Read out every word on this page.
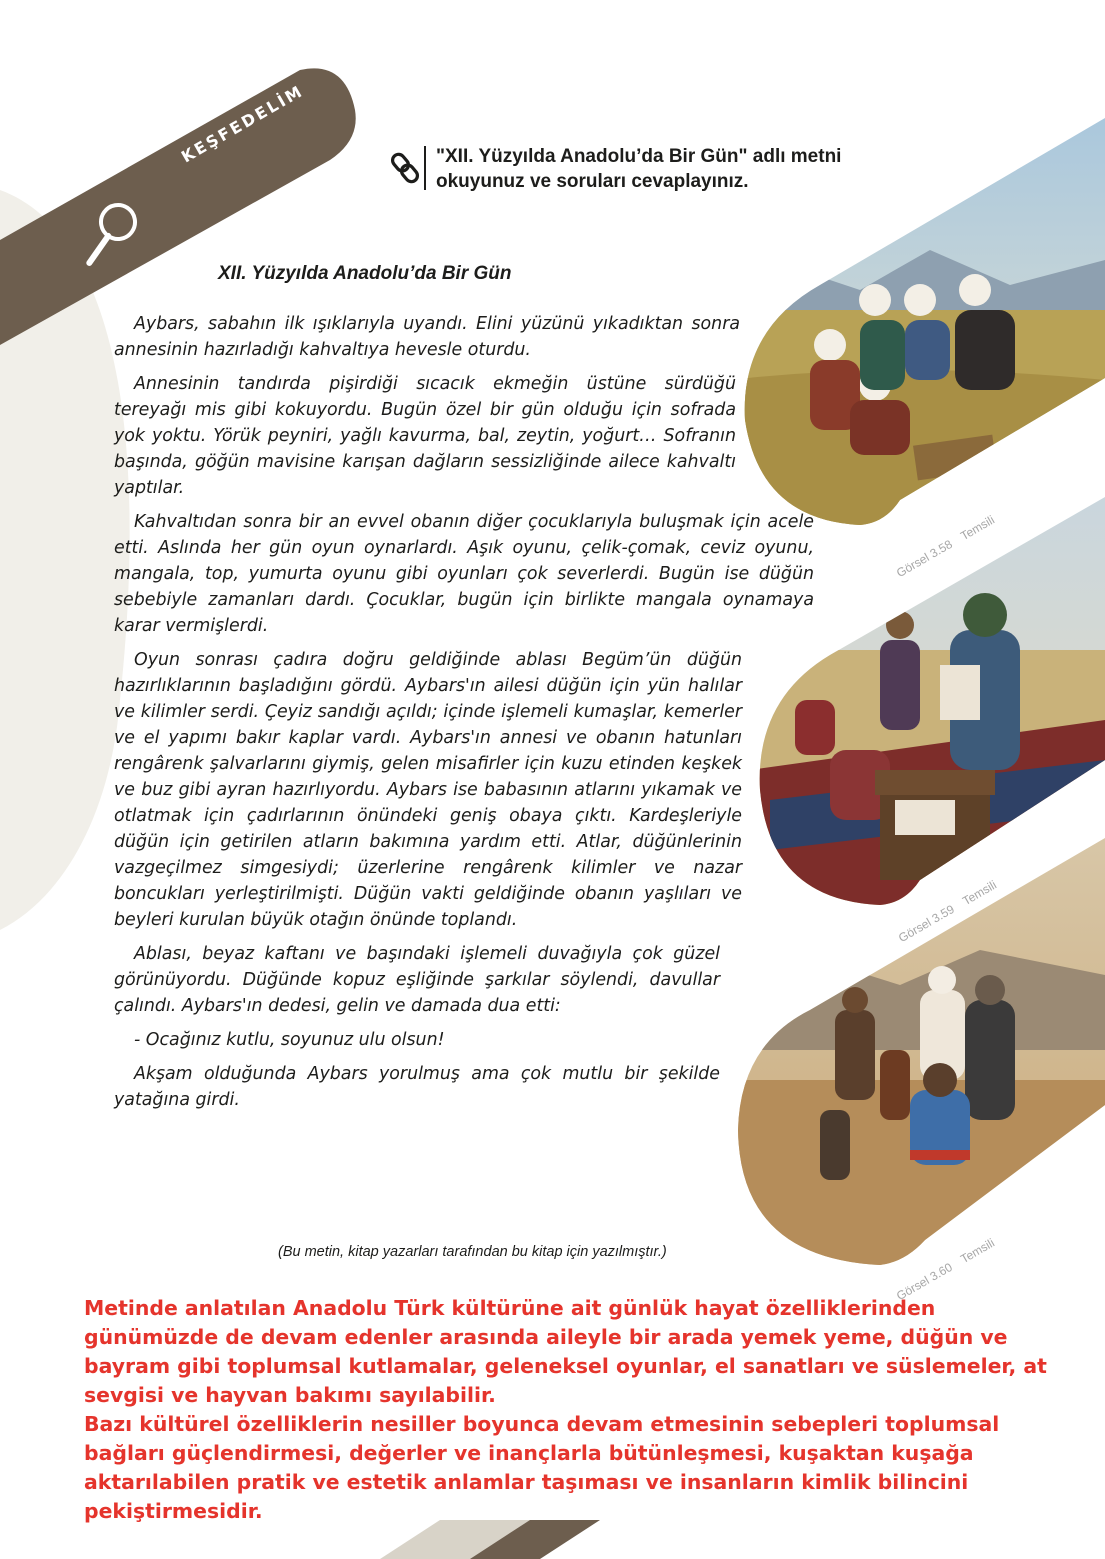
KEŞFEDELİM	"XII. Yüzyılda Anadolu’da Bir Gün" adlı metni
okuyunuz ve soruları cevaplayınız.
XII. Yüzyılda Anadolu’da Bir Gün

Aybars, sabahın ilk ışıklarıyla uyandı. Elini yüzünü yıkadıktan sonra annesinin hazırladığı kahvaltıya hevesle oturdu.

Annesinin tandırda pişirdiği sıcacık ekmeğin üstüne sürdüğü tereyağı mis gibi kokuyordu. Bugün özel bir gün olduğu için sofrada yok yoktu. Yörük peyniri, yağlı kavurma, bal, zeytin, yoğurt… Sofranın başında, göğün mavisine karışan dağların sessizliğinde ailece kahvaltı yaptılar.

Kahvaltıdan sonra bir an evvel obanın diğer çocuklarıyla buluşmak için acele etti. Aslında her gün oyun oynarlardı. Aşık oyunu, çelik-çomak, ceviz oyunu, mangala, top, yumurta oyunu gibi oyunları çok severlerdi. Bugün ise düğün sebebiyle zamanları dardı. Çocuklar, bugün için birlikte mangala oynamaya karar vermişlerdi.

Oyun sonrası çadıra doğru geldiğinde ablası Begüm’ün düğün hazırlıklarının başladığını gördü. Aybars'ın ailesi düğün için yün halılar ve kilimler serdi. Çeyiz sandığı açıldı; içinde işlemeli kumaşlar, kemerler ve el yapımı bakır kaplar vardı. Aybars'ın annesi ve obanın hatunları rengârenk şalvarlarını giymiş, gelen misafirler için kuzu etinden keşkek ve buz gibi ayran hazırlıyordu. Aybars ise babasının atlarını yıkamak ve otlatmak için çadırlarının önündeki geniş obaya çıktı. Kardeşleriyle düğün için getirilen atların bakımına yardım etti. Atlar, düğünlerinin vazgeçilmez simgesiydi; üzerlerine rengârenk kilimler ve nazar boncukları yerleştirilmişti. Düğün vakti geldiğinde obanın yaşlıları ve beyleri kurulan büyük otağın önünde toplandı.

Ablası, beyaz kaftanı ve başındaki işlemeli duvağıyla çok güzel görünüyordu. Düğünde kopuz eşliğinde şarkılar söylendi, davullar çalındı. Aybars'ın dedesi, gelin ve damada dua etti:

- Ocağınız kutlu, soyunuz ulu olsun!

Akşam olduğunda Aybars yorulmuş ama çok mutlu bir şekilde yatağına girdi.

(Bu metin, kitap yazarları tarafından bu kitap için yazılmıştır.)
Görsel 3.58Temsili
Görsel 3.59Temsili
Görsel 3.60Temsili

Metinde anlatılan Anadolu Türk kültürüne ait günlük hayat özelliklerinden günümüzde de devam edenler arasında aileyle bir arada yemek yeme, düğün ve bayram gibi toplumsal kutlamalar, geleneksel oyunlar, el sanatları ve süslemeler, at sevgisi ve hayvan bakımı sayılabilir.

Bazı kültürel özelliklerin nesiller boyunca devam etmesinin sebepleri toplumsal bağları güçlendirmesi, değerler ve inançlarla bütünleşmesi, kuşaktan kuşağa aktarılabilen pratik ve estetik anlamlar taşıması ve insanların kimlik bilincini pekiştirmesidir.
